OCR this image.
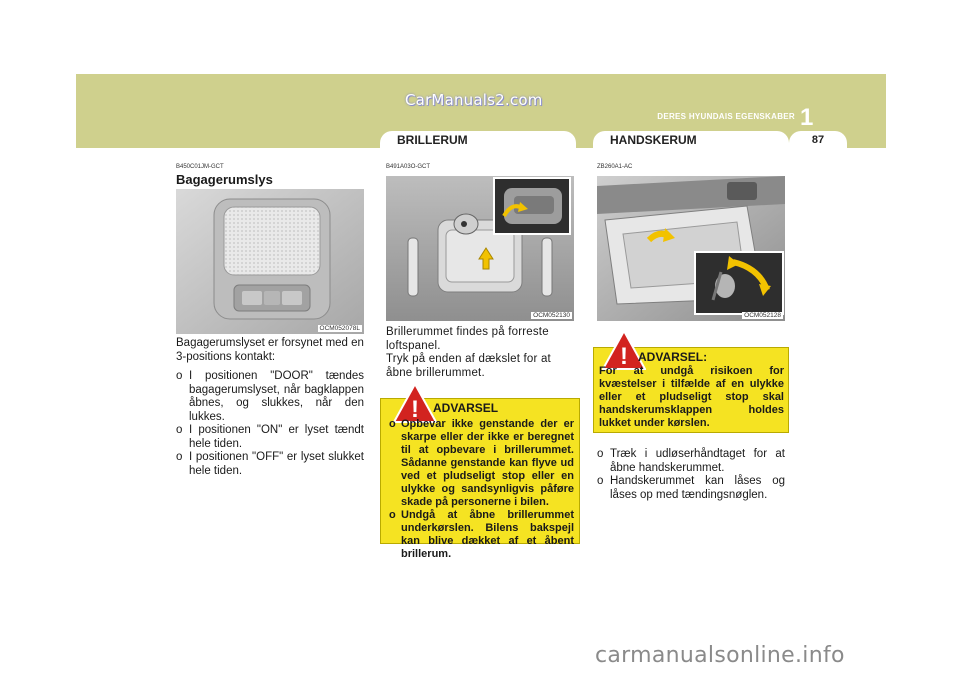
CarManuals2.com
DERES HYUNDAIS EGENSKABER 1
BRILLERUM	HANDSKERUM	87
B450C01JM-GCT
Bagagerumslys
OCM052078L

Bagagerumslyset er forsynet med en 3-positions kontakt:

o I positionen "DOOR" tændes bagagerumslyset, når bagklappen åbnes, og slukkes, når den lukkes.
o I positionen "ON" er lyset tændt hele tiden.
o I positionen "OFF" er lyset slukket hele tiden.
B491A03O-GCT
OCM052130

Brillerummet findes på forreste loftspanel.

Tryk på enden af dækslet for at åbne brillerummet.

! ADVARSEL
o Opbevar ikke genstande der er skarpe eller der ikke er beregnet til at opbevare i brillerummet. Sådanne genstande kan flyve ud ved et pludseligt stop eller en ulykke og sandsynligvis påføre skade på personerne i bilen.
o Undgå at åbne brillerummet underkørslen. Bilens bakspejl kan blive dækket af et åbent brillerum.
ZB260A1-AC
OCM052128
! ADVARSEL:

For at undgå risikoen for kvæstelser i tilfælde af en ulykke eller et pludseligt stop skal handskerumsklappen holdes lukket under kørslen.

o Træk i udløserhåndtaget for at åbne handskerummet.
o Handskerummet kan låses og låses op med tændingsnøglen.
carmanualsonline.info
